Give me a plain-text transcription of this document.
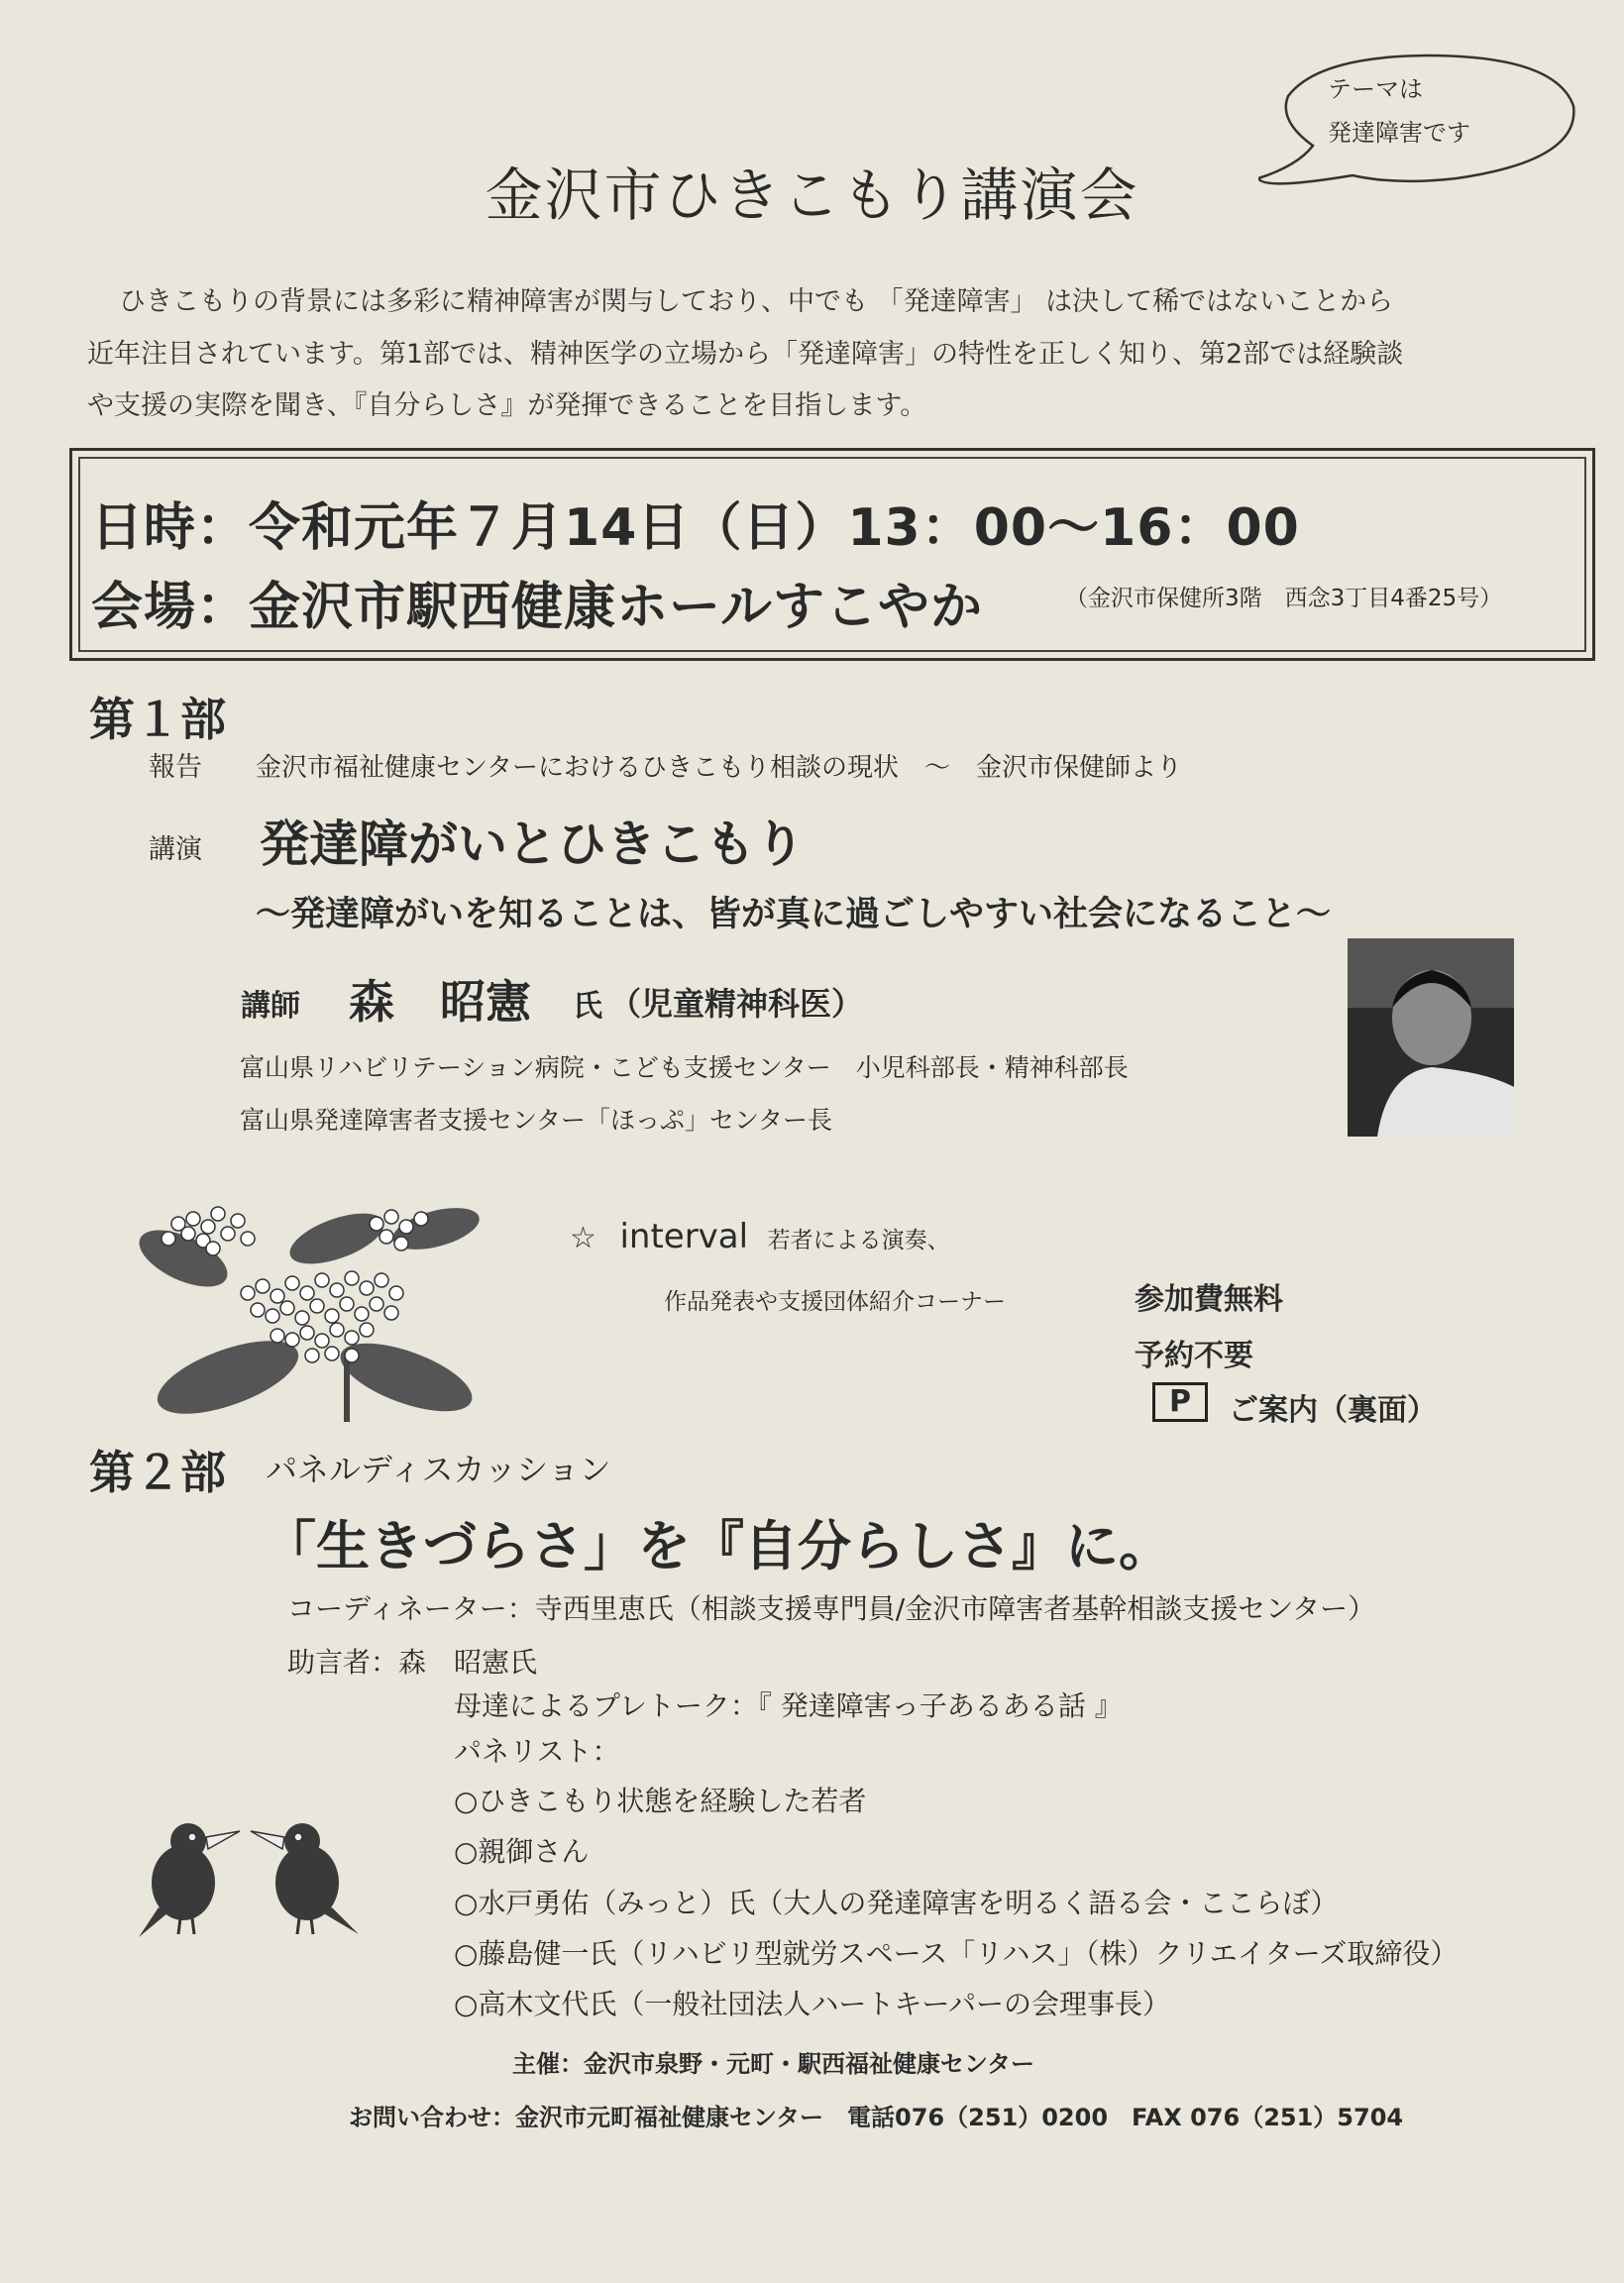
テーマは
発達障害です
金沢市ひきこもり講演会
ひきこもりの背景には多彩に精神障害が関与しており、中でも 「発達障害」 は決して稀ではないことから
近年注目されています。第1部では、精神医学の立場から「発達障害」の特性を正しく知り、第2部では経験談
や支援の実際を聞き、『自分らしさ』が発揮できることを目指します。
日時：令和元年７月14日（日）13：00～16：00
会場：金沢市駅西健康ホールすこやか	（金沢市保健所3階　西念3丁目4番25号）
第１部
報告 金沢市福祉健康センターにおけるひきこもり相談の現状　～　金沢市保健師より
講演 発達障がいとひきこもり
～発達障がいを知ることは、皆が真に過ごしやすい社会になること～
講師 森　昭憲 氏 （児童精神科医）
富山県リハビリテーション病院・こども支援センター　小児科部長・精神科部長
富山県発達障害者支援センター「ほっぷ」センター長
☆ interval 若者による演奏、
作品発表や支援団体紹介コーナー	参加費無料
予約不要
P	ご案内（裏面）
第２部 パネルディスカッション
「生きづらさ」を『自分らしさ』に。
コーディネーター：寺西里恵氏（相談支援専門員/金沢市障害者基幹相談支援センター）
助言者：森　昭憲氏
母達によるプレトーク：『 発達障害っ子あるある話 』
パネリスト：
○ひきこもり状態を経験した若者
○親御さん
○水戸勇佑（みっと）氏（大人の発達障害を明るく語る会・ここらぼ）
○藤島健一氏（リハビリ型就労スペース「リハス」（株）クリエイターズ取締役）
○高木文代氏（一般社団法人ハートキーパーの会理事長）
主催：金沢市泉野・元町・駅西福祉健康センター
お問い合わせ：金沢市元町福祉健康センター　電話076（251）0200　FAX 076（251）5704
